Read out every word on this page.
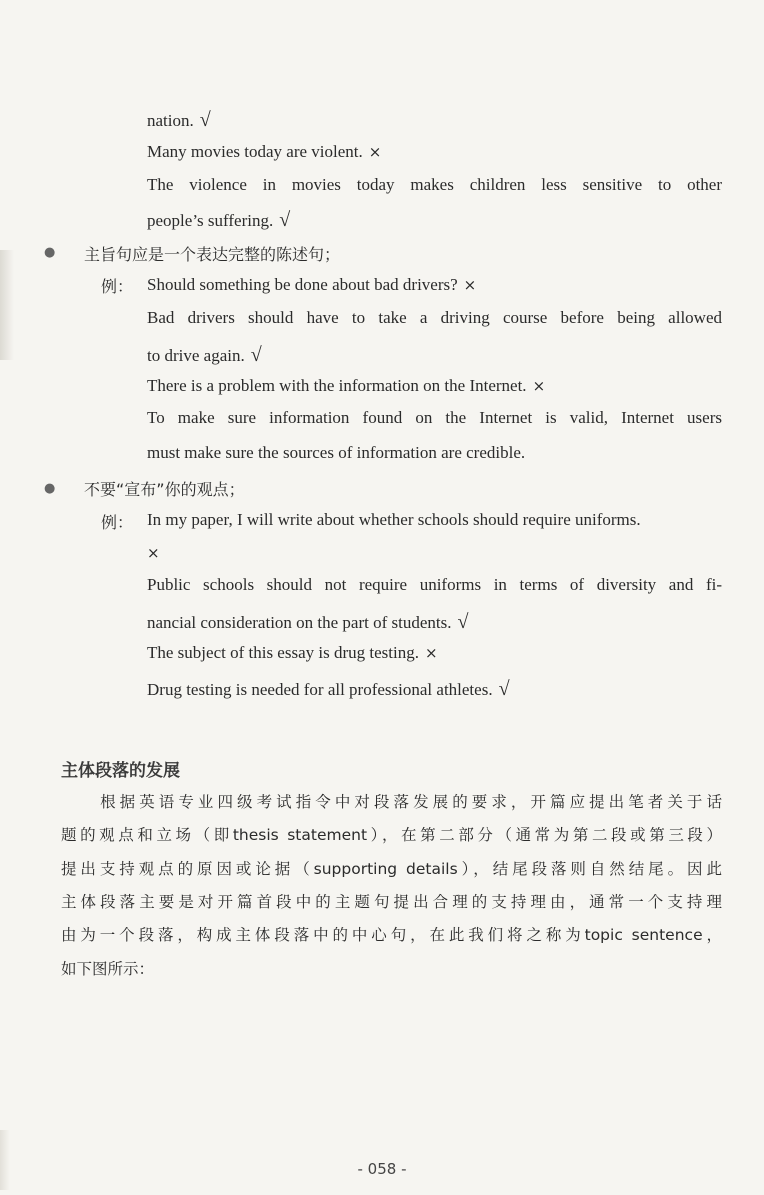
nation. √
Many movies today are violent. ×
The violence in movies today makes children less sensitive to other
people’s suffering. √
● 主旨句应是一个表达完整的陈述句；
例： Should something be done about bad drivers? ×
Bad drivers should have to take a driving course before being allowed
to drive again. √
There is a problem with the information on the Internet. ×
To make sure information found on the Internet is valid, Internet users
must make sure the sources of information are credible.
● 不要“宣布”你的观点；
例： In my paper, I will write about whether schools should require uniforms.
×
Public schools should not require uniforms in terms of diversity and fi-
nancial consideration on the part of students. √
The subject of this essay is drug testing. ×
Drug testing is needed for all professional athletes. √
主体段落的发展
　　根据英语专业四级考试指令中对段落发展的要求，开篇应提出笔者关于话
题的观点和立场（即thesis statement），在第二部分（通常为第二段或第三段）
提出支持观点的原因或论据（supporting details），结尾段落则自然结尾。因此
主体段落主要是对开篇首段中的主题句提出合理的支持理由，通常一个支持理
由为一个段落，构成主体段落中的中心句，在此我们将之称为topic sentence，
如下图所示：
- 058 -
